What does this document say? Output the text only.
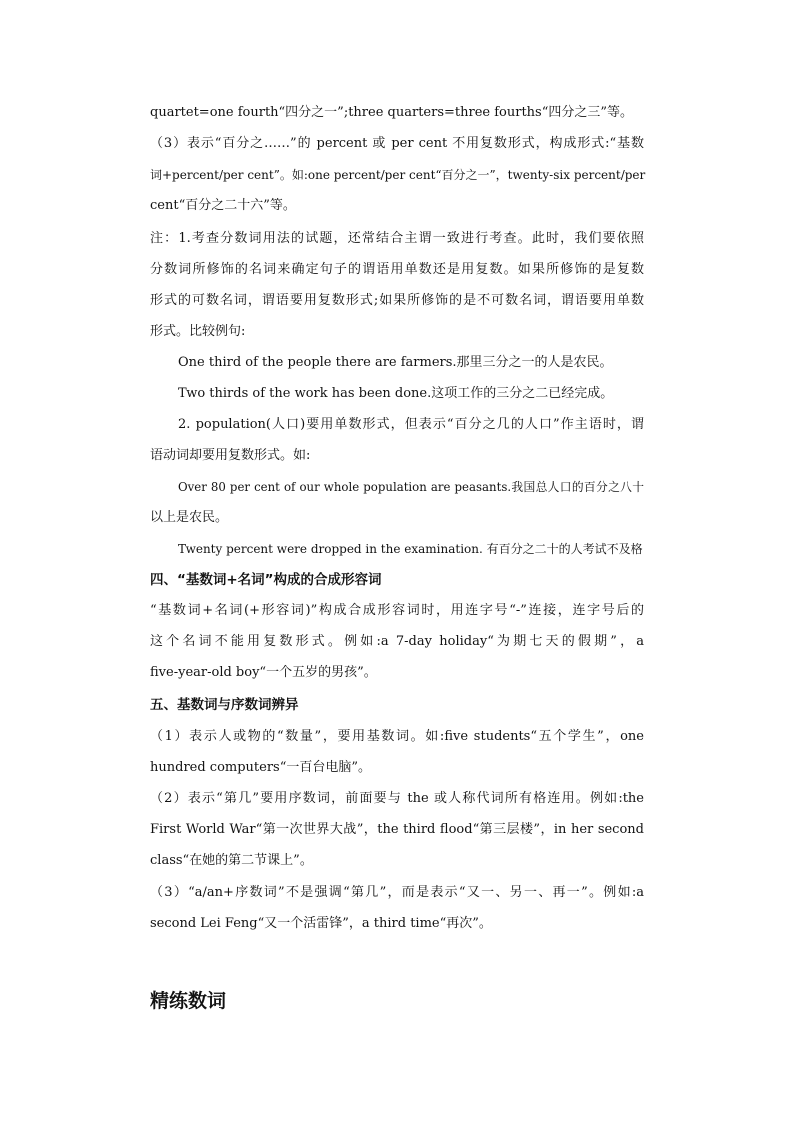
quartet=one fourth“四分之一”;three quarters=three fourths“四分之三”等。
（3）表示“百分之……”的 percent 或 per cent 不用复数形式，构成形式:“基数
词+percent/per cent”。如:one percent/per cent“百分之一”，twenty-six percent/per
cent“百分之二十六”等。
注：1.考查分数词用法的试题，还常结合主谓一致进行考查。此时，我们要依照
分数词所修饰的名词来确定句子的谓语用单数还是用复数。如果所修饰的是复数
形式的可数名词，谓语要用复数形式;如果所修饰的是不可数名词，谓语要用单数
形式。比较例句:
One third of the people there are farmers.那里三分之一的人是农民。
Two thirds of the work has been done.这项工作的三分之二已经完成。
2. population(人口)要用单数形式，但表示“百分之几的人口”作主语时，谓
语动词却要用复数形式。如:
Over 80 per cent of our whole population are peasants.我国总人口的百分之八十
以上是农民。
Twenty percent were dropped in the examination. 有百分之二十的人考试不及格
四、“基数词+名词”构成的合成形容词
“基数词+名词(+形容词)”构成合成形容词时，用连字号“-”连接，连字号后的
这个名词不能用复数形式。例如:a 7-day holiday“为期七天的假期”，a
five-year-old boy“一个五岁的男孩”。
五、基数词与序数词辨异
（1）表示人或物的“数量”，要用基数词。如:five students“五个学生”，one
hundred computers“一百台电脑”。
（2）表示“第几”要用序数词，前面要与 the 或人称代词所有格连用。例如:the
First World War“第一次世界大战”，the third flood“第三层楼”，in her second
class“在她的第二节课上”。
（3）“a/an+序数词”不是强调“第几”，而是表示“又一、另一、再一”。例如:a
second Lei Feng“又一个活雷锋”，a third time“再次”。
精练数词
